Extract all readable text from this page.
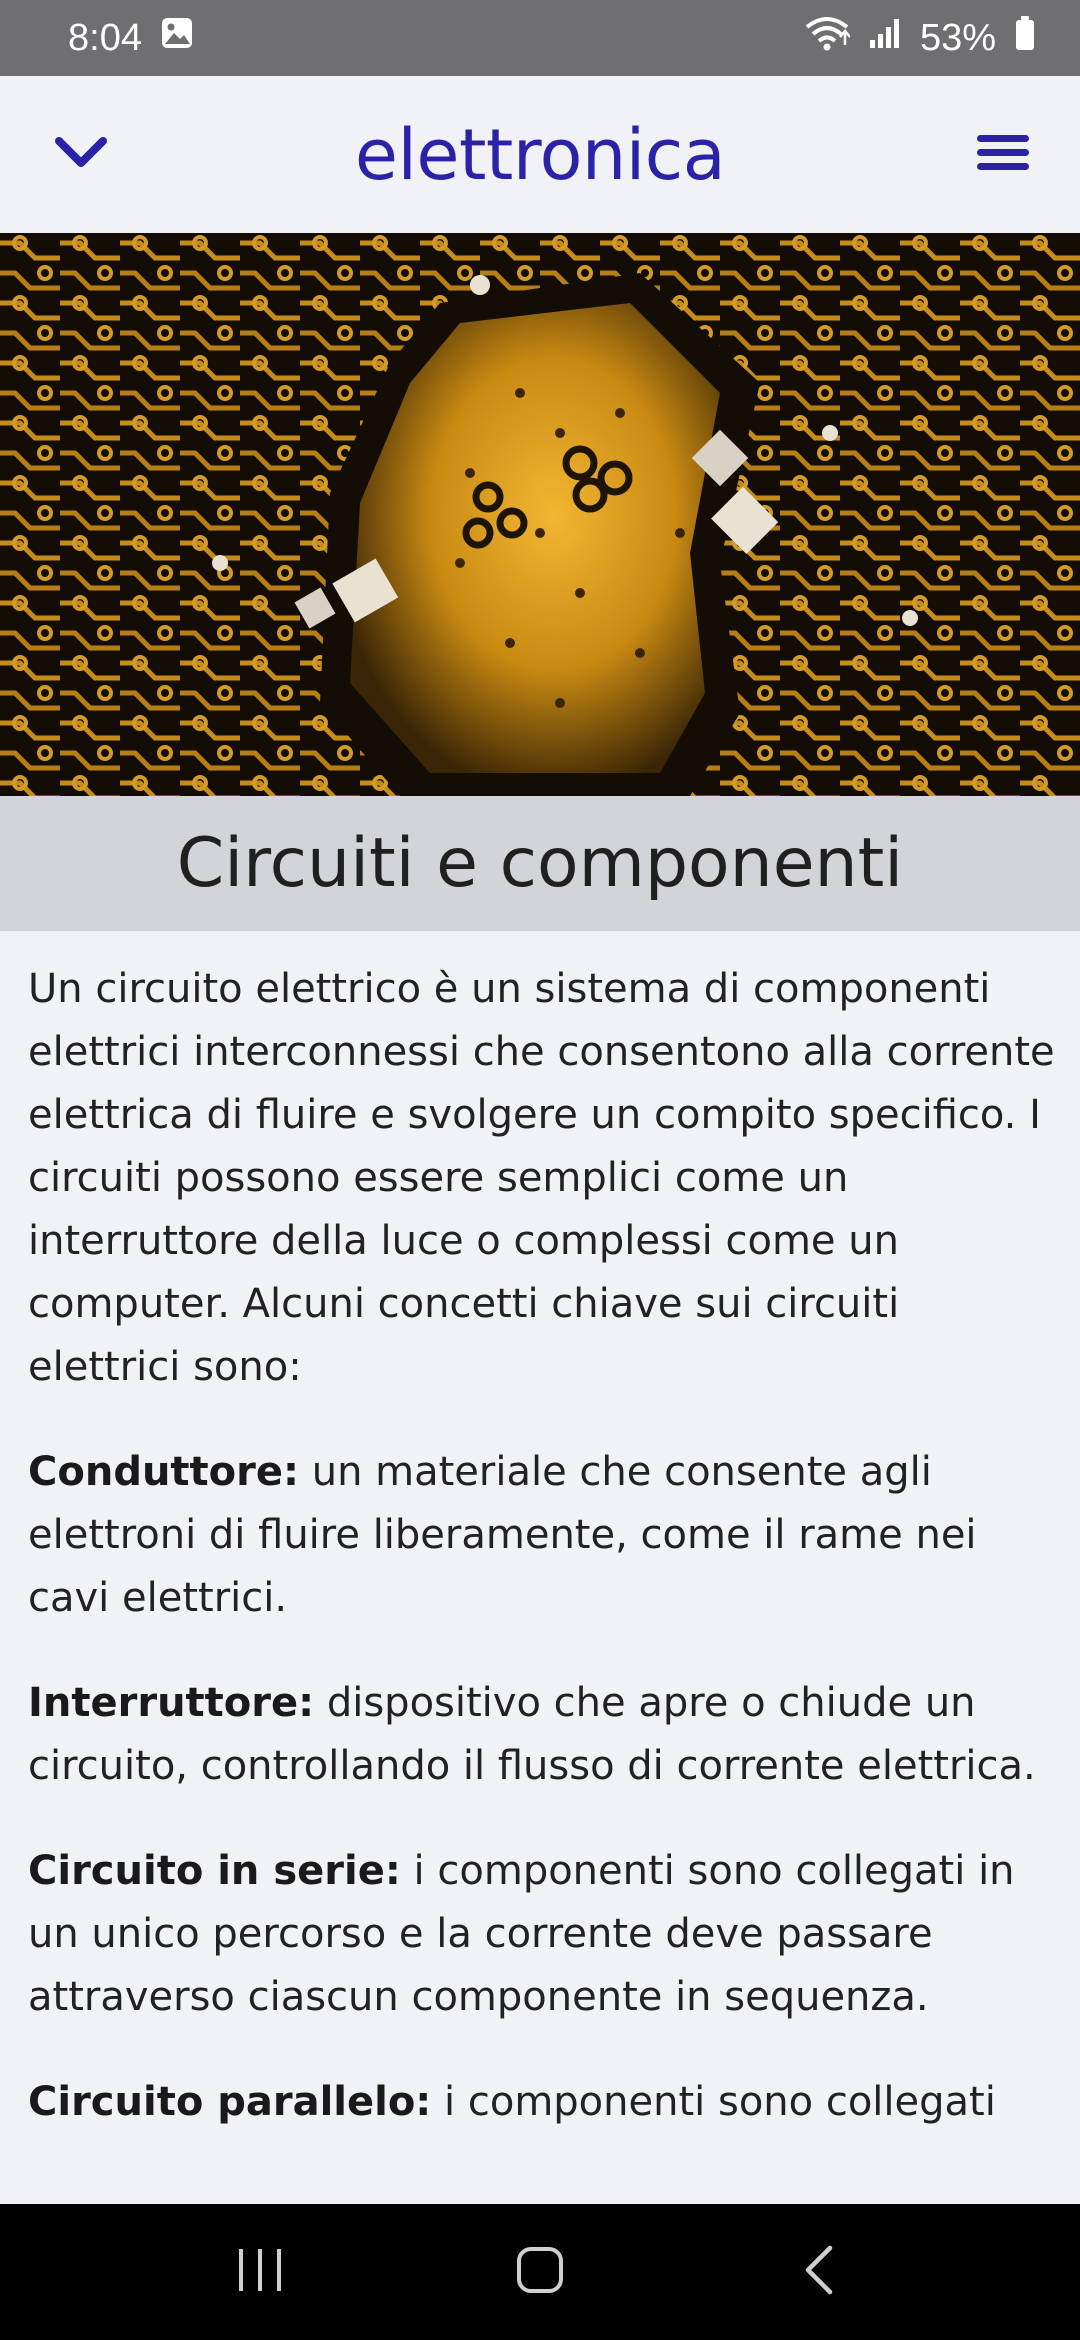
8:04	53%
elettronica
Circuiti e componenti

Un circuito elettrico è un sistema di componenti elettrici interconnessi che consentono alla corrente elettrica di fluire e svolgere un compito specifico. I circuiti possono essere semplici come un interruttore della luce o complessi come un computer. Alcuni concetti chiave sui circuiti elettrici sono:

Conduttore: un materiale che consente agli elettroni di fluire liberamente, come il rame nei cavi elettrici.

Interruttore: dispositivo che apre o chiude un circuito, controllando il flusso di corrente elettrica.

Circuito in serie: i componenti sono collegati in un unico percorso e la corrente deve passare attraverso ciascun componente in sequenza.

Circuito parallelo: i componenti sono collegati
